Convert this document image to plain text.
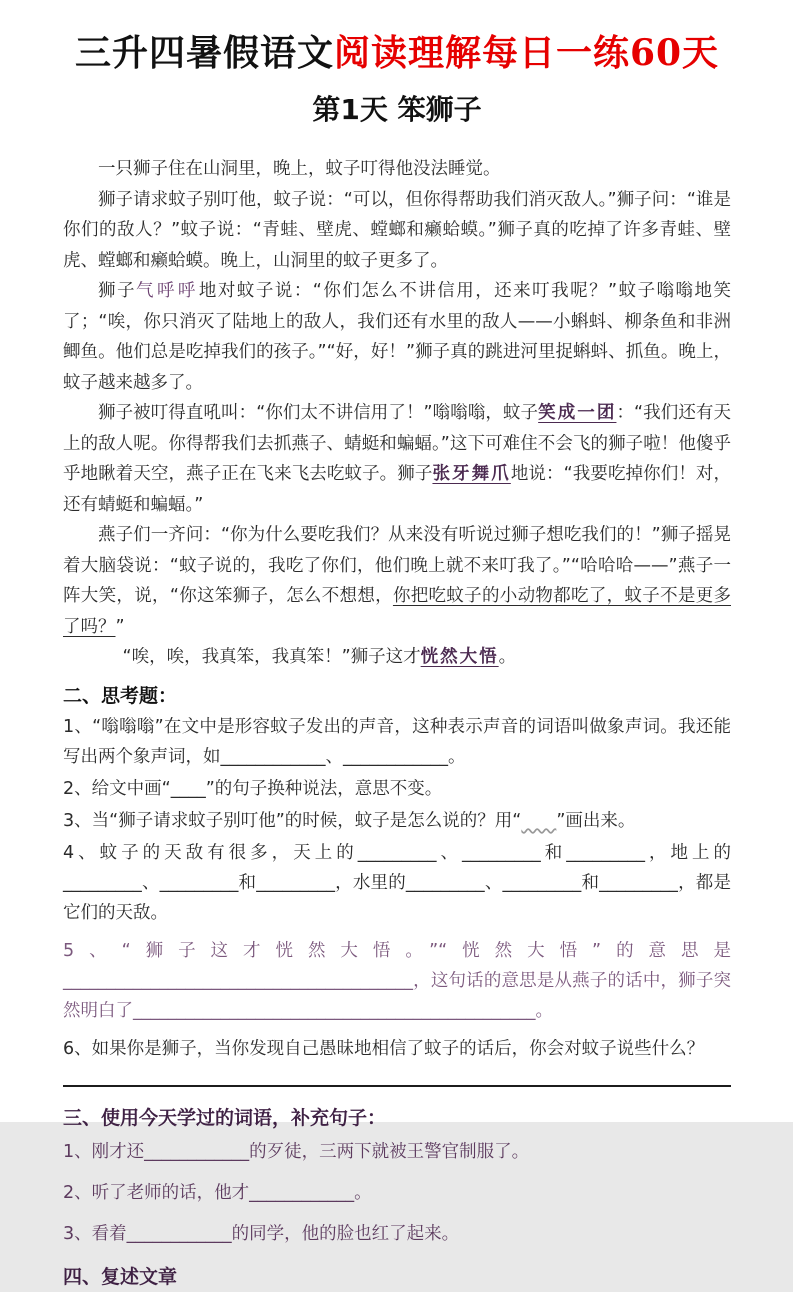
三升四暑假语文阅读理解每日一练60天
第1天 笨狮子

一只狮子住在山洞里，晚上，蚊子叮得他没法睡觉。

狮子请求蚊子别叮他，蚊子说：“可以，但你得帮助我们消灭敌人。”狮子问：“谁是你们的敌人？”蚊子说：“青蛙、壁虎、螳螂和癞蛤蟆。”狮子真的吃掉了许多青蛙、壁虎、螳螂和癞蛤蟆。晚上，山洞里的蚊子更多了。

狮子气呼呼地对蚊子说：“你们怎么不讲信用，还来叮我呢？”蚊子嗡嗡地笑了；“唉，你只消灭了陆地上的敌人，我们还有水里的敌人——小蝌蚪、柳条鱼和非洲鲫鱼。他们总是吃掉我们的孩子。”“好，好！”狮子真的跳进河里捉蝌蚪、抓鱼。晚上，蚊子越来越多了。

狮子被叮得直吼叫：“你们太不讲信用了！”嗡嗡嗡，蚊子笑成一团：“我们还有天上的敌人呢。你得帮我们去抓燕子、蜻蜓和蝙蝠。”这下可难住不会飞的狮子啦！他傻乎乎地瞅着天空，燕子正在飞来飞去吃蚊子。狮子张牙舞爪地说：“我要吃掉你们！对，还有蜻蜓和蝙蝠。”

燕子们一齐问：“你为什么要吃我们？从来没有听说过狮子想吃我们的！”狮子摇晃着大脑袋说：“蚊子说的，我吃了你们，他们晚上就不来叮我了。”“哈哈哈——”燕子一阵大笑，说，“你这笨狮子，怎么不想想，你把吃蚊子的小动物都吃了，蚊子不是更多了吗？”

“唉，唉，我真笨，我真笨！”狮子这才恍然大悟。

二、思考题：

1、“嗡嗡嗡”在文中是形容蚊子发出的声音，这种表示声音的词语叫做象声词。我还能写出两个象声词，如____________、____________。

2、给文中画“____”的句子换种说法，意思不变。

3、当“狮子请求蚊子别叮他”的时候，蚊子是怎么说的？用“　　 ”画出来。

4、蚊子的天敌有很多，天上的_________、_________和_________，地上的_________、_________和_________，水里的_________、_________和_________，都是它们的天敌。

5、“狮子这才恍然大悟。”“恍然大悟”的意思是________________________________________，这句话的意思是从燕子的话中，狮子突然明白了______________________________________________。

6、如果你是狮子，当你发现自己愚昧地相信了蚊子的话后，你会对蚊子说些什么？

三、使用今天学过的词语，补充句子：

1、刚才还____________的歹徒，三两下就被王警官制服了。

2、听了老师的话，他才____________。

3、看着____________的同学，他的脸也红了起来。

四、复述文章
